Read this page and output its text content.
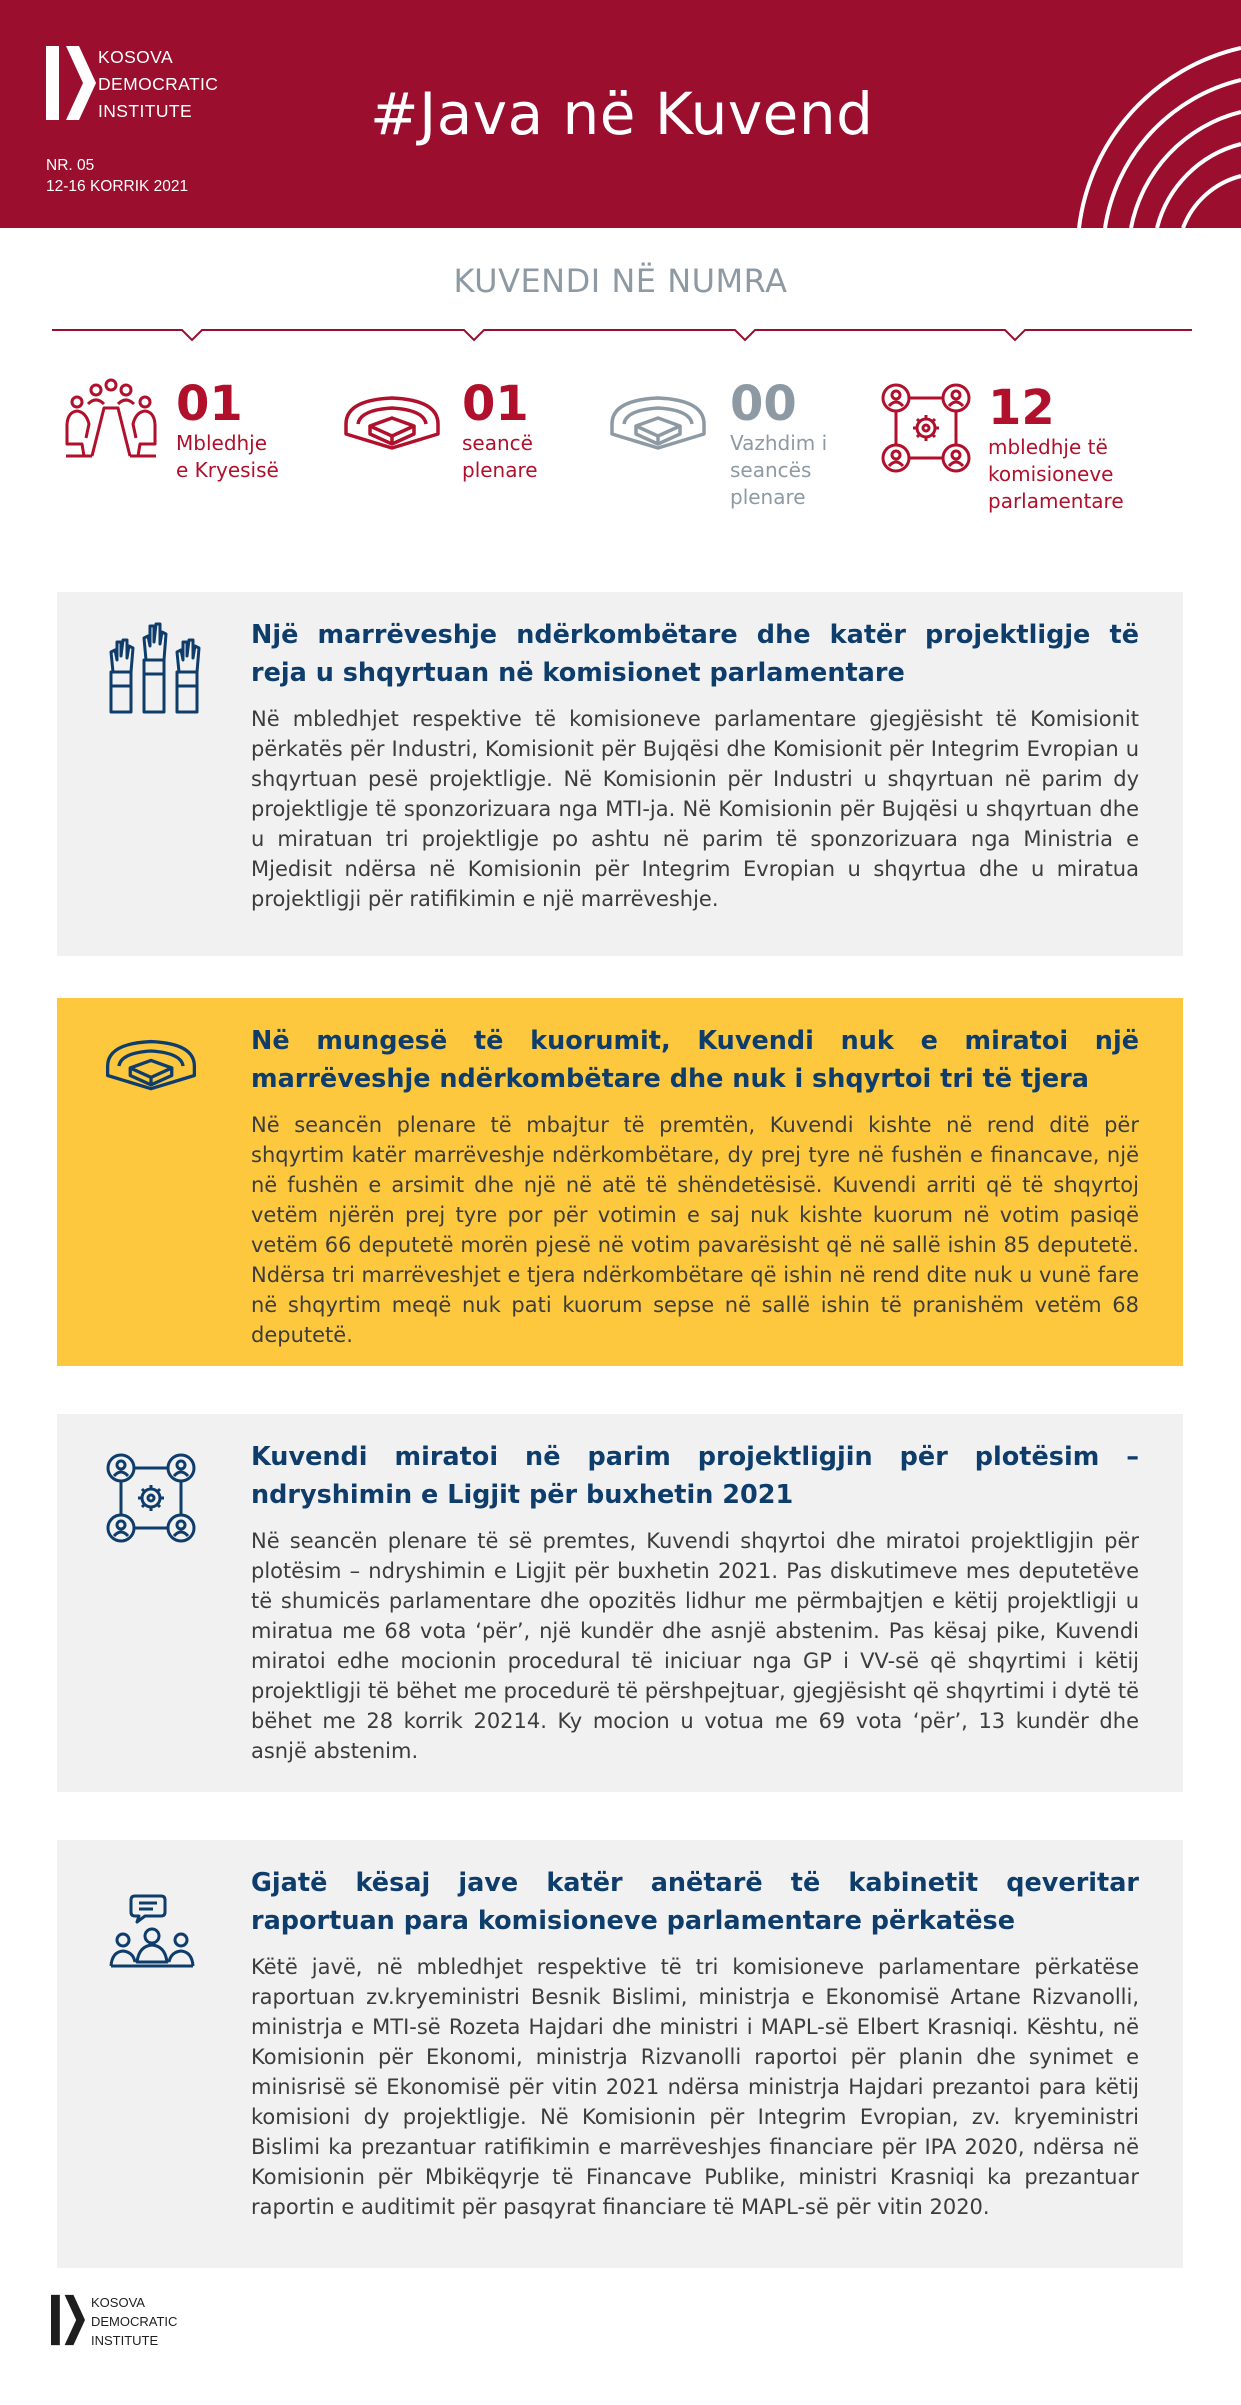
KOSOVA
DEMOCRATIC
INSTITUTE
NR. 05
12-16 KORRIK 2021
#Java në Kuvend
KUVENDI NË NUMRA
01
Mbledhje
e Kryesisë
01
seancë
plenare
00
Vazhdim i
seancës
plenare
12
mbledhje të
komisioneve
parlamentare
Një marrëveshje ndërkombëtare dhe katër projektligje të reja u shqyrtuan në komisionet parlamentare
Në mbledhjet respektive të komisioneve parlamentare gjegjësisht të Komisionit përkatës për Industri, Komisionit për Bujqësi dhe Komisionit për Integrim Evropian u shqyrtuan pesë projektligje. Në Komisionin për Industri u shqyrtuan në parim dy projektligje të sponzorizuara nga MTI-ja. Në Komisionin për Bujqësi u shqyrtuan dhe u miratuan tri projektligje po ashtu në parim të sponzorizuara nga Ministria e Mjedisit ndërsa në Komisionin për Integrim Evropian u shqyrtua dhe u miratua projektligji për ratifikimin e një marrëveshje.
Në mungesë të kuorumit, Kuvendi nuk e miratoi një marrëveshje ndërkombëtare dhe nuk i shqyrtoi tri të tjera
Në seancën plenare të mbajtur të premtën, Kuvendi kishte në rend ditë për shqyrtim katër marrëveshje ndërkombëtare, dy prej tyre në fushën e financave, një në fushën e arsimit dhe një në atë të shëndetësisë. Kuvendi arriti që të shqyrtoj vetëm njërën prej tyre por për votimin e saj nuk kishte kuorum në votim pasiqë vetëm 66 deputetë morën pjesë në votim pavarësisht që në sallë ishin 85 deputetë. Ndërsa tri marrëveshjet e tjera ndërkombëtare që ishin në rend dite nuk u vunë fare në shqyrtim meqë nuk pati kuorum sepse në sallë ishin të pranishëm vetëm 68 deputetë.
Kuvendi miratoi në parim projektligjin për plotësim – ndryshimin e Ligjit për buxhetin 2021
Në seancën plenare të së premtes, Kuvendi shqyrtoi dhe miratoi projektligjin për plotësim – ndryshimin e Ligjit për buxhetin 2021. Pas diskutimeve mes deputetëve të shumicës parlamentare dhe opozitës lidhur me përmbajtjen e këtij projektligji u miratua me 68 vota ‘për’, një kundër dhe asnjë abstenim. Pas kësaj pike, Kuvendi miratoi edhe mocionin procedural të iniciuar nga GP i VV-së që shqyrtimi i këtij projektligji të bëhet me procedurë të përshpejtuar, gjegjësisht që shqyrtimi i dytë të bëhet me 28 korrik 20214. Ky mocion u votua me 69 vota ‘për’, 13 kundër dhe asnjë abstenim.
Gjatë kësaj jave katër anëtarë të kabinetit qeveritar raportuan para komisioneve parlamentare përkatëse
Këtë javë, në mbledhjet respektive të tri komisioneve parlamentare përkatëse raportuan zv.kryeministri Besnik Bislimi, ministrja e Ekonomisë Artane Rizvanolli, ministrja e MTI-së Rozeta Hajdari dhe ministri i MAPL-së Elbert Krasniqi. Kështu, në Komisionin për Ekonomi, ministrja Rizvanolli raportoi për planin dhe synimet e minisrisë së Ekonomisë për vitin 2021 ndërsa ministrja Hajdari prezantoi para këtij komisioni dy projektligje. Në Komisionin për Integrim Evropian, zv. kryeministri Bislimi ka prezantuar ratifikimin e marrëveshjes financiare për IPA 2020, ndërsa në Komisionin për Mbikëqyrje të Financave Publike, ministri Krasniqi ka prezantuar raportin e auditimit për pasqyrat financiare të MAPL-së për vitin 2020.
KOSOVA
DEMOCRATIC
INSTITUTE
